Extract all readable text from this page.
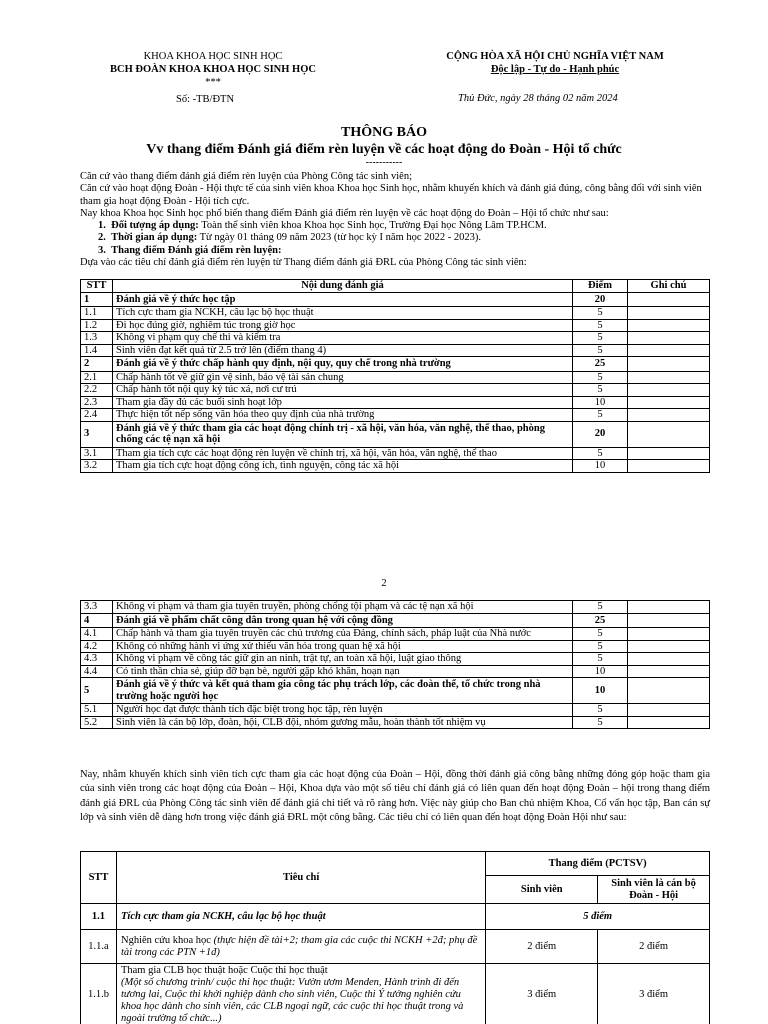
KHOA KHOA HỌC SINH HỌC
BCH ĐOÀN KHOA KHOA HỌC SINH HỌC
***
CỘNG HÒA XÃ HỘI CHỦ NGHĨA VIỆT NAM
Độc lập - Tự do - Hạnh phúc
Số: -TB/ĐTN	Thủ Đức, ngày 28 tháng 02 năm 2024
THÔNG BÁO
Vv thang điểm Đánh giá điểm rèn luyện về các hoạt động do Đoàn - Hội tổ chức
-----------

Căn cứ vào thang điểm đánh giá điểm rèn luyện của Phòng Công tác sinh viên;

Căn cứ vào hoạt động Đoàn - Hội thực tế của sinh viên khoa Khoa học Sinh học, nhằm khuyến khích và đánh giá đúng, công bằng đối với sinh viên tham gia hoạt động Đoàn - Hội tích cực.

Nay khoa Khoa học Sinh học phổ biến thang điểm Đánh giá điểm rèn luyện về các hoạt động do Đoàn – Hội tổ chức như sau:

1. Đối tượng áp dụng: Toàn thể sinh viên khoa Khoa học Sinh học, Trường Đại học Nông Lâm TP.HCM.

2. Thời gian áp dụng: Từ ngày 01 tháng 09 năm 2023 (từ học kỳ I năm học 2022 - 2023).

3. Thang điểm Đánh giá điểm rèn luyện:

Dựa vào các tiêu chí đánh giá điểm rèn luyện từ Thang điểm đánh giá ĐRL của Phòng Công tác sinh viên:

STT	Nội dung đánh giá	Điểm	Ghi chú
1	Đánh giá về ý thức học tập	20	
1.1	Tích cực tham gia NCKH, câu lạc bộ học thuật	5	
1.2	Đi học đúng giờ, nghiêm túc trong giờ học	5	
1.3	Không vi phạm quy chế thi và kiểm tra	5	
1.4	Sinh viên đạt kết quả từ 2.5 trở lên (điểm thang 4)	5	
2	Đánh giá về ý thức chấp hành quy định, nội quy, quy chế trong nhà trường	25	
2.1	Chấp hành tốt về giữ gìn vệ sinh, bảo vệ tài sản chung	5	
2.2	Chấp hành tốt nội quy ký túc xá, nơi cư trú	5	
2.3	Tham gia đầy đủ các buổi sinh hoạt lớp	10	
2.4	Thực hiện tốt nếp sống văn hóa theo quy định của nhà trường	5	
3	Đánh giá về ý thức tham gia các hoạt động chính trị - xã hội, văn hóa, văn nghệ, thể thao, phòng chống các tệ nạn xã hội	20	
3.1	Tham gia tích cực các hoạt động rèn luyện về chính trị, xã hội, văn hóa, văn nghệ, thể thao	5	
3.2	Tham gia tích cực hoạt động công ích, tình nguyện, công tác xã hội	10	
2
3.3	Không vi phạm và tham gia tuyên truyền, phòng chống tội phạm và các tệ nạn xã hội	5	
4	Đánh giá về phẩm chất công dân trong quan hệ với cộng đồng	25	
4.1	Chấp hành và tham gia tuyên truyền các chủ trương của Đảng, chính sách, pháp luật của Nhà nước	5	
4.2	Không có những hành vi ứng xử thiếu văn hóa trong quan hệ xã hội	5	
4.3	Không vi phạm về công tác giữ gìn an ninh, trật tự, an toàn xã hội, luật giao thông	5	
4.4	Có tinh thần chia sẻ, giúp đỡ bạn bè, người gặp khó khăn, hoạn nạn	10	
5	Đánh giá về ý thức và kết quả tham gia công tác phụ trách lớp, các đoàn thể, tổ chức trong nhà trường hoặc người học	10	
5.1	Người học đạt được thành tích đặc biệt trong học tập, rèn luyện	5	
5.2	Sinh viên là cán bộ lớp, đoàn, hội, CLB đội, nhóm gương mẫu, hoàn thành tốt nhiệm vụ	5	
Nay, nhằm khuyến khích sinh viên tích cực tham gia các hoạt động của Đoàn – Hội, đồng thời đánh giá công bằng những đóng góp hoặc tham gia của sinh viên trong các hoạt động của Đoàn – Hội, Khoa dựa vào một số tiêu chí đánh giá có liên quan đến hoạt động Đoàn – hội trong thang điểm đánh giá ĐRL của Phòng Công tác sinh viên để đánh giá chi tiết và rõ ràng hơn. Việc này giúp cho Ban chủ nhiệm Khoa, Cố vấn học tập, Ban cán sự lớp và sinh viên dễ dàng hơn trong việc đánh giá ĐRL một công bằng. Các tiêu chí có liên quan đến hoạt động Đoàn Hội như sau:
STT	Tiêu chí	Thang điểm (PCTSV)	
		Sinh viên	Sinh viên là cán bộ Đoàn - Hội
1.1	Tích cực tham gia NCKH, câu lạc bộ học thuật	5 điểm	
1.1.a	Nghiên cứu khoa học (thực hiện đề tài+2; tham gia các cuộc thi NCKH +2đ; phụ đề tài trong các PTN +1đ)	2 điểm	2 điểm
1.1.b	Tham gia CLB học thuật hoặc Cuộc thi học thuật
(Một số chương trình/ cuộc thi học thuật: Vườn ươm Menden, Hành trình đi đến tương lai, Cuộc thi khởi nghiệp dành cho sinh viên, Cuộc thi Ý tưởng nghiên cứu khoa học dành cho sinh viên, các CLB ngoại ngữ, các cuộc thi học thuật trong và ngoài trường tổ chức...)	3 điểm	3 điểm
